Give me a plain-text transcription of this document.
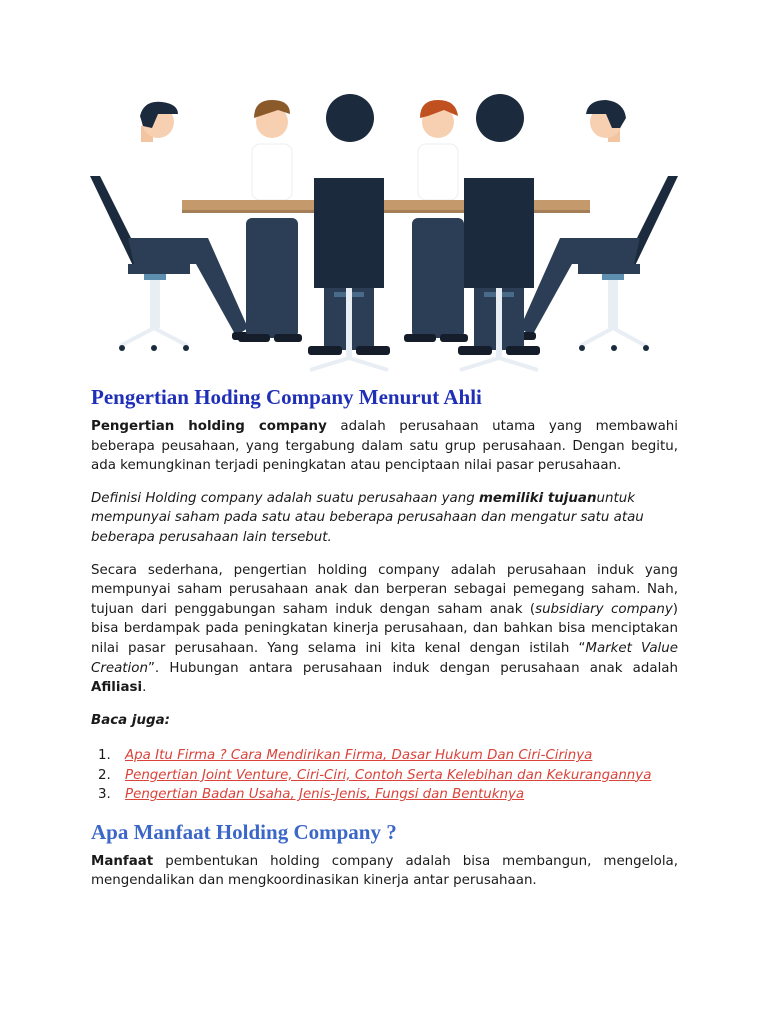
Pengertian Hoding Company Menurut Ahli

Pengertian holding company adalah perusahaan utama yang membawahi beberapa peusahaan, yang tergabung dalam satu grup perusahaan. Dengan begitu, ada kemungkinan terjadi peningkatan atau penciptaan nilai pasar perusahaan.

Definisi Holding company adalah suatu perusahaan yang memiliki tujuanuntuk mempunyai saham pada satu atau beberapa perusahaan dan mengatur satu atau beberapa perusahaan lain tersebut.

Secara sederhana, pengertian holding company adalah perusahaan induk yang mempunyai saham perusahaan anak dan berperan sebagai pemegang saham. Nah, tujuan dari penggabungan saham induk dengan saham anak (subsidiary company) bisa berdampak pada peningkatan kinerja perusahaan, dan bahkan bisa menciptakan nilai pasar perusahaan. Yang selama ini kita kenal dengan istilah “Market Value Creation”. Hubungan antara perusahaan induk dengan perusahaan anak adalah Afiliasi.

Baca juga:

1. Apa Itu Firma ? Cara Mendirikan Firma, Dasar Hukum Dan Ciri-Cirinya
2. Pengertian Joint Venture, Ciri-Ciri, Contoh Serta Kelebihan dan Kekurangannya
3. Pengertian Badan Usaha, Jenis-Jenis, Fungsi dan Bentuknya
Apa Manfaat Holding Company ?

Manfaat pembentukan holding company adalah bisa membangun, mengelola, mengendalikan dan mengkoordinasikan kinerja antar perusahaan.
